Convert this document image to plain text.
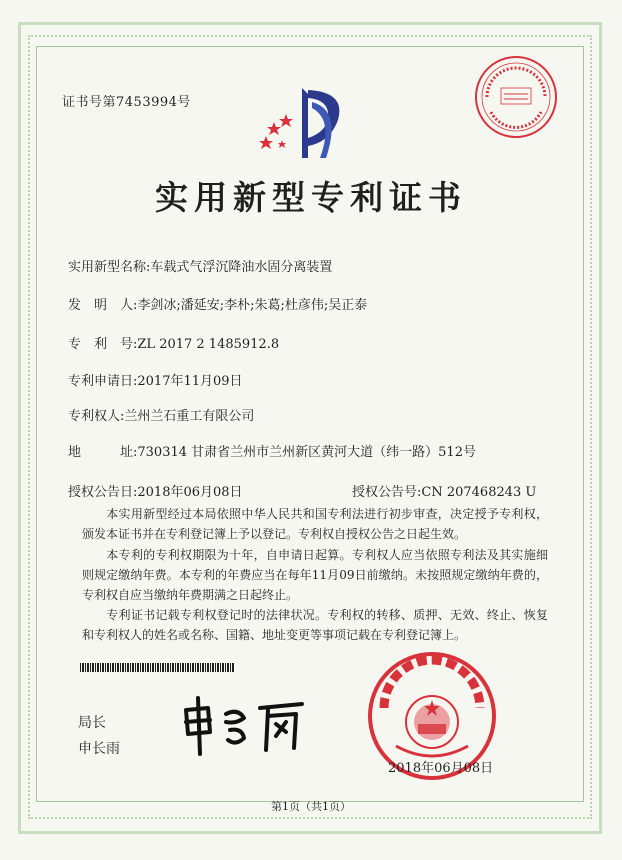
证书号第7453994号
实用新型专利证书
实用新型名称:车载式气浮沉降油水固分离装置
发　明　人:李剑冰;潘延安;李朴;朱葛;杜彦伟;吴正泰
专　利　号:ZL 2017 2 1485912.8
专利申请日:2017年11月09日
专利权人:兰州兰石重工有限公司
地　　　址:730314 甘肃省兰州市兰州新区黄河大道（纬一路）512号
授权公告日:2018年06月08日	授权公告号:CN 207468243 U
本实用新型经过本局依照中华人民共和国专利法进行初步审查，决定授予专利权，颁发本证书并在专利登记簿上予以登记。专利权自授权公告之日起生效。
本专利的专利权期限为十年，自申请日起算。专利权人应当依照专利法及其实施细则规定缴纳年费。本专利的年费应当在每年11月09日前缴纳。未按照规定缴纳年费的，专利权自应当缴纳年费期满之日起终止。
专利证书记载专利权登记时的法律状况。专利权的转移、质押、无效、终止、恢复和专利权人的姓名或名称、国籍、地址变更等事项记载在专利登记簿上。
局长
申长雨
2018年06月08日
第1页（共1页）
